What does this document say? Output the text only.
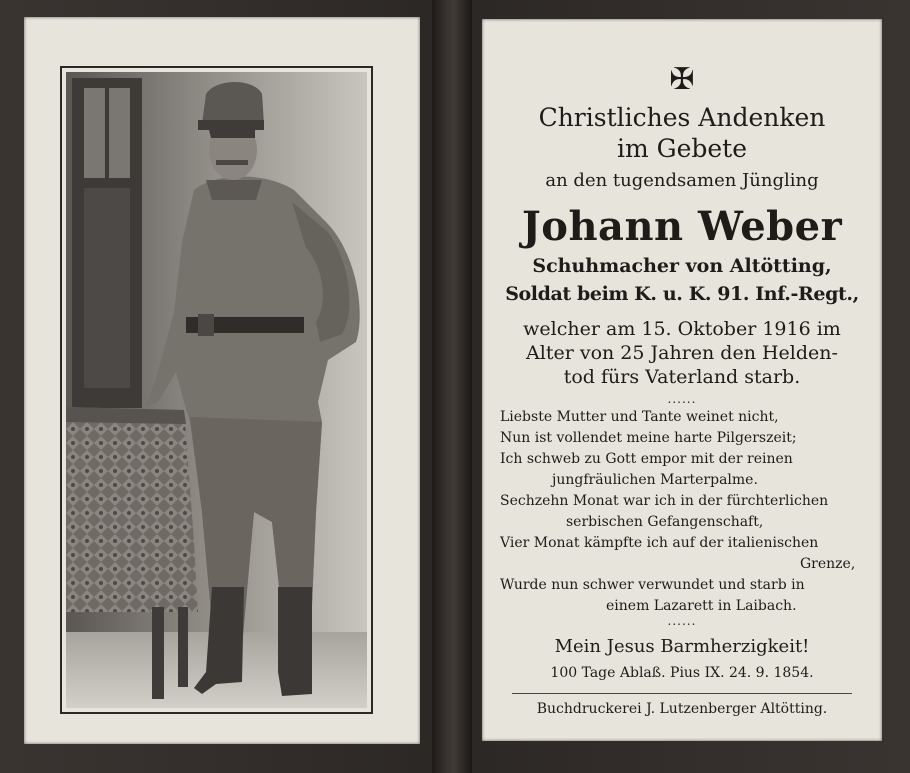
✠
Christliches Andenken
im Gebete
an den tugendsamen Jüngling
Johann Weber
Schuhmacher von Altötting,
Soldat beim K. u. K. 91. Inf.-Regt.,
welcher am 15. Oktober 1916 im
Alter von 25 Jahren den Helden-
tod fürs Vaterland starb.
......
Liebste Mutter und Tante weinet nicht,
Nun ist vollendet meine harte Pilgerszeit;
Ich schweb zu Gott empor mit der reinen
jungfräulichen Marterpalme.
Sechzehn Monat war ich in der fürchterlichen
serbischen Gefangenschaft,
Vier Monat kämpfte ich auf der italienischen
Grenze,
Wurde nun schwer verwundet und starb in
einem Lazarett in Laibach.
......
Mein Jesus Barmherzigkeit!
100 Tage Ablaß. Pius IX. 24. 9. 1854.
Buchdruckerei J. Lutzenberger Altötting.
